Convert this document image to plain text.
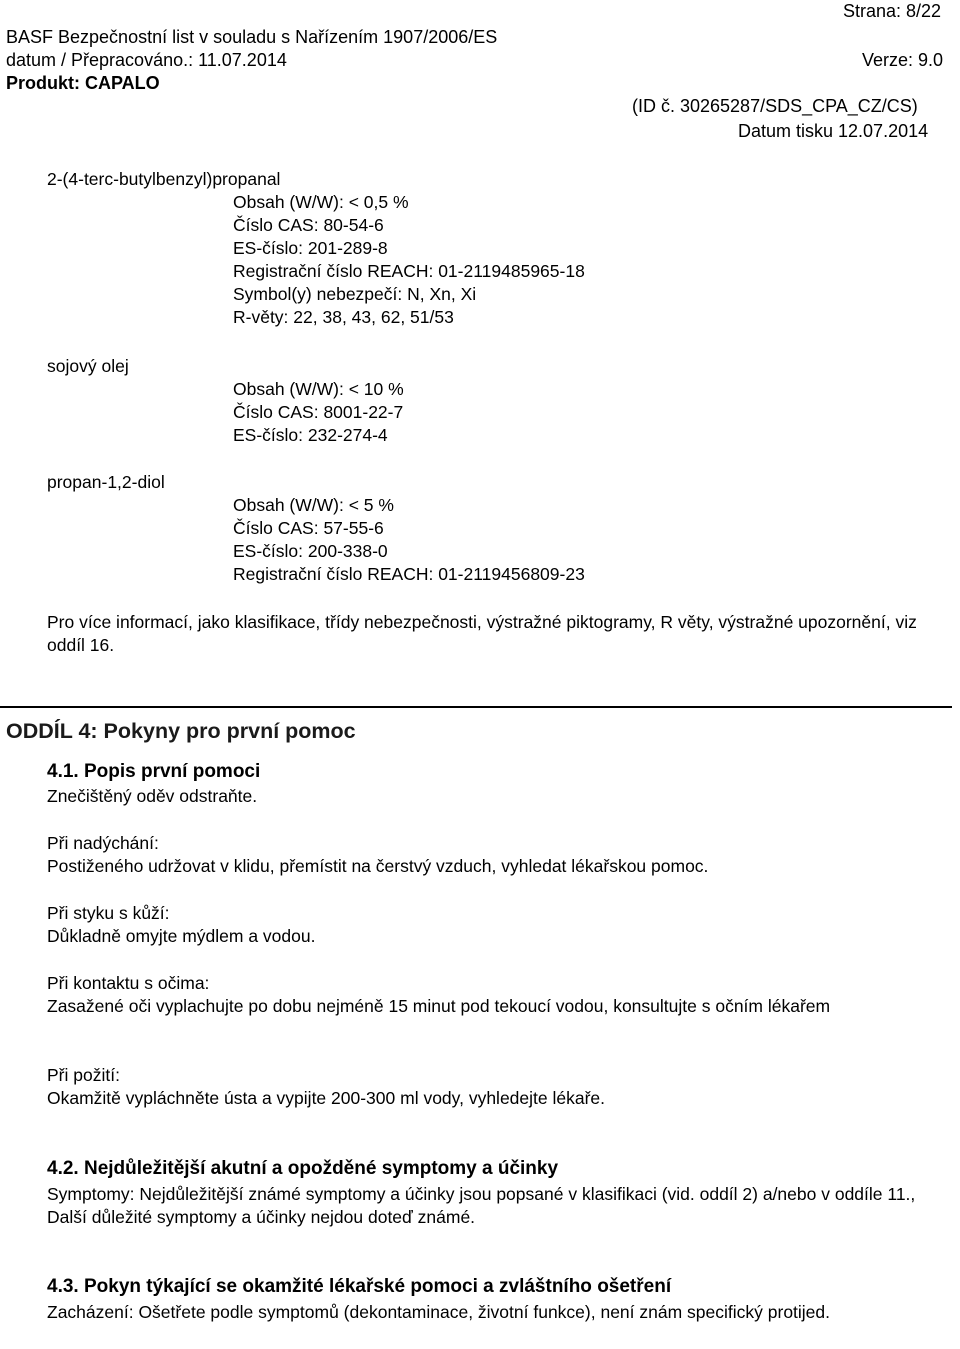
Strana: 8/22
BASF Bezpečnostní list v souladu s Nařízením 1907/2006/ES
datum / Přepracováno.: 11.07.2014	Verze: 9.0
Produkt: CAPALO
(ID č. 30265287/SDS_CPA_CZ/CS)
Datum tisku 12.07.2014
2-(4-terc-butylbenzyl)propanal
Obsah (W/W): < 0,5 %
Číslo CAS: 80-54-6
ES-číslo: 201-289-8
Registrační číslo REACH: 01-2119485965-18
Symbol(y) nebezpečí: N, Xn, Xi
R-věty: 22, 38, 43, 62, 51/53
sojový olej
Obsah (W/W): < 10 %
Číslo CAS: 8001-22-7
ES-číslo: 232-274-4
propan-1,2-diol
Obsah (W/W): < 5 %
Číslo CAS: 57-55-6
ES-číslo: 200-338-0
Registrační číslo REACH: 01-2119456809-23
Pro více informací, jako klasifikace, třídy nebezpečnosti, výstražné piktogramy, R věty, výstražné upozornění, viz oddíl 16.
ODDÍL 4: Pokyny pro první pomoc
4.1. Popis první pomoci
Znečištěný oděv odstraňte.
Při nadýchání:
Postiženého udržovat v klidu, přemístit na čerstvý vzduch, vyhledat lékařskou pomoc.
Při styku s kůží:
Důkladně omyjte mýdlem a vodou.
Při kontaktu s očima:
Zasažené oči vyplachujte po dobu nejméně 15 minut pod tekoucí vodou, konsultujte s očním lékařem
Při požití:
Okamžitě vypláchněte ústa a vypijte 200-300 ml vody, vyhledejte lékaře.
4.2. Nejdůležitější akutní a opožděné symptomy a účinky
Symptomy: Nejdůležitější známé symptomy a účinky jsou popsané v klasifikaci (vid. oddíl 2) a/nebo v oddíle 11., Další důležité symptomy a účinky nejdou doteď známé.
4.3. Pokyn týkající se okamžité lékařské pomoci a zvláštního ošetření
Zacházení: Ošetřete podle symptomů (dekontaminace, životní funkce), není znám specifický protijed.
